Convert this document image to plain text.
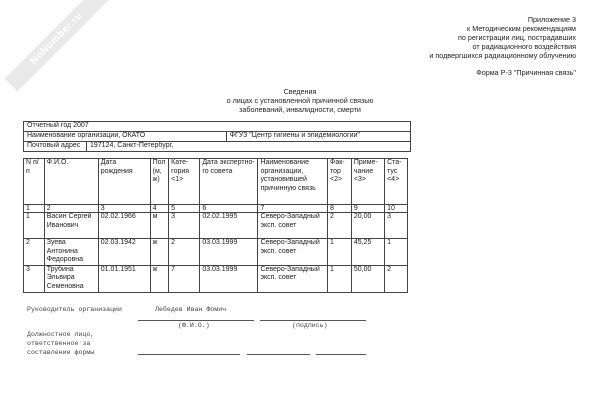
NoNumber.ru	Приложение 3
к Методическим рекомендациям
по регистрации лиц, пострадавших
от радиационного воздействия
и подвергшихся радиационному облучению
Форма Р-3 "Причинная связь"
Сведения
о лицах с установленной причинной связью
заболеваний, инвалидности, смерти
Отчетный год 2007		
Наименование организации, ОКАТО		ФГУЗ "Центр гигиены и эпидемиологии"
Почтовый адрес	197124, Санкт-Петербург,	
N п/п	Ф.И.О.	Дата рождения	Пол (м, ж)	Кате-гория <1>	Дата экспертно-го совета	Наименование организации, установившей причинную связь	Фак-тор <2>	Приме-чание <3>	Ста-тус <4>
1	2	3	4	5	6	7	8	9	10
1	Васин Сергей Иванович	02.02.1966	м	3	02.02.1995	Северо-Западный эксп. совет	2	20,00	3
2	Зуева Антонина Федоровна	02.03.1942	ж	2	03.03.1999	Северо-Западный эксп. совет	1	45,25	1
3	Трубина Эльвира Семеновна	01.01.1951	ж	7	03.03.1999	Северо-Западный эксп. совет	1	50,00	2
Руководитель организации	Лебедев Иван Фомич
(Ф.И.О.)	(подпись)
Должностное лицо,
ответственное за
составление формы
